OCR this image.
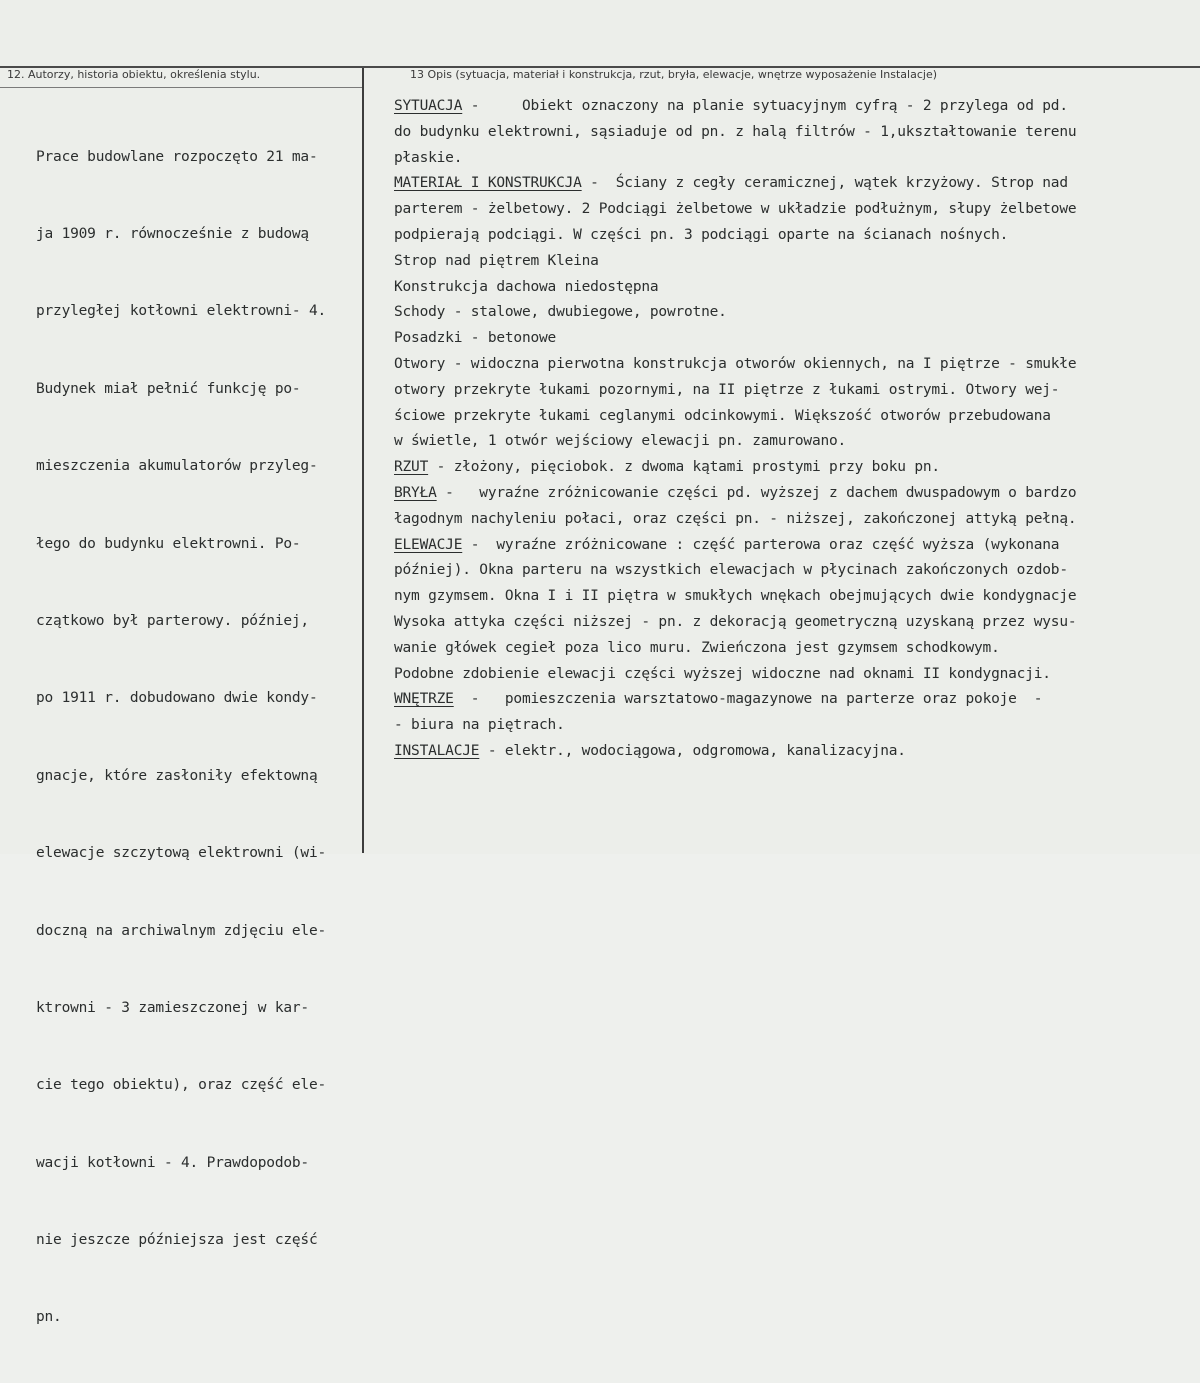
12. Autorzy, historia obiektu, określenia stylu.	13 Opis (sytuacja, materiał i konstrukcja, rzut, bryła, elewacje, wnętrze wyposażenie Instalacje)

Prace budowlane rozpoczęto 21 ma-

ja 1909 r. równocześnie z budową

przyległej kotłowni elektrowni- 4.

Budynek miał pełnić funkcję po-

mieszczenia akumulatorów przyleg-

łego do budynku elektrowni. Po-

czątkowo był parterowy. później,

po 1911 r. dobudowano dwie kondy-

gnacje, które zasłoniły efektowną

elewacje szczytową elektrowni (wi-

doczną na archiwalnym zdjęciu ele-

ktrowni - 3 zamieszczonej w kar-

cie tego obiektu), oraz część ele-

wacji kotłowni - 4. Prawdopodob-

nie jeszcze późniejsza jest część

pn.

SYTUACJA -     Obiekt oznaczony na planie sytuacyjnym cyfrą - 2 przylega od pd.
do budynku elektrowni, sąsiaduje od pn. z halą filtrów - 1,ukształtowanie terenu
płaskie.
MATERIAŁ I KONSTRUKCJA -  Ściany z cegły ceramicznej, wątek krzyżowy. Strop nad
parterem - żelbetowy. 2 Podciągi żelbetowe w układzie podłużnym, słupy żelbetowe
podpierają podciągi. W części pn. 3 podciągi oparte na ścianach nośnych.
Strop nad piętrem Kleina
Konstrukcja dachowa niedostępna
Schody - stalowe, dwubiegowe, powrotne.
Posadzki - betonowe
Otwory - widoczna pierwotna konstrukcja otworów okiennych, na I piętrze - smukłe
otwory przekryte łukami pozornymi, na II piętrze z łukami ostrymi. Otwory wej-
ściowe przekryte łukami ceglanymi odcinkowymi. Większość otworów przebudowana
w świetle, 1 otwór wejściowy elewacji pn. zamurowano.
RZUT - złożony, pięciobok. z dwoma kątami prostymi przy boku pn.
BRYŁA -   wyraźne zróżnicowanie części pd. wyższej z dachem dwuspadowym o bardzo
łagodnym nachyleniu połaci, oraz części pn. - niższej, zakończonej attyką pełną.
ELEWACJE -  wyraźne zróżnicowane : część parterowa oraz część wyższa (wykonana
później). Okna parteru na wszystkich elewacjach w płycinach zakończonych ozdob-
nym gzymsem. Okna I i II piętra w smukłych wnękach obejmujących dwie kondygnacje
Wysoka attyka części niższej - pn. z dekoracją geometryczną uzyskaną przez wysu-
wanie główek cegieł poza lico muru. Zwieńczona jest gzymsem schodkowym.
Podobne zdobienie elewacji części wyższej widoczne nad oknami II kondygnacji.
WNĘTRZE  -   pomieszczenia warsztatowo-magazynowe na parterze oraz pokoje  -
- biura na piętrach.
INSTALACJE - elektr., wodociągowa, odgromowa, kanalizacyjna.
